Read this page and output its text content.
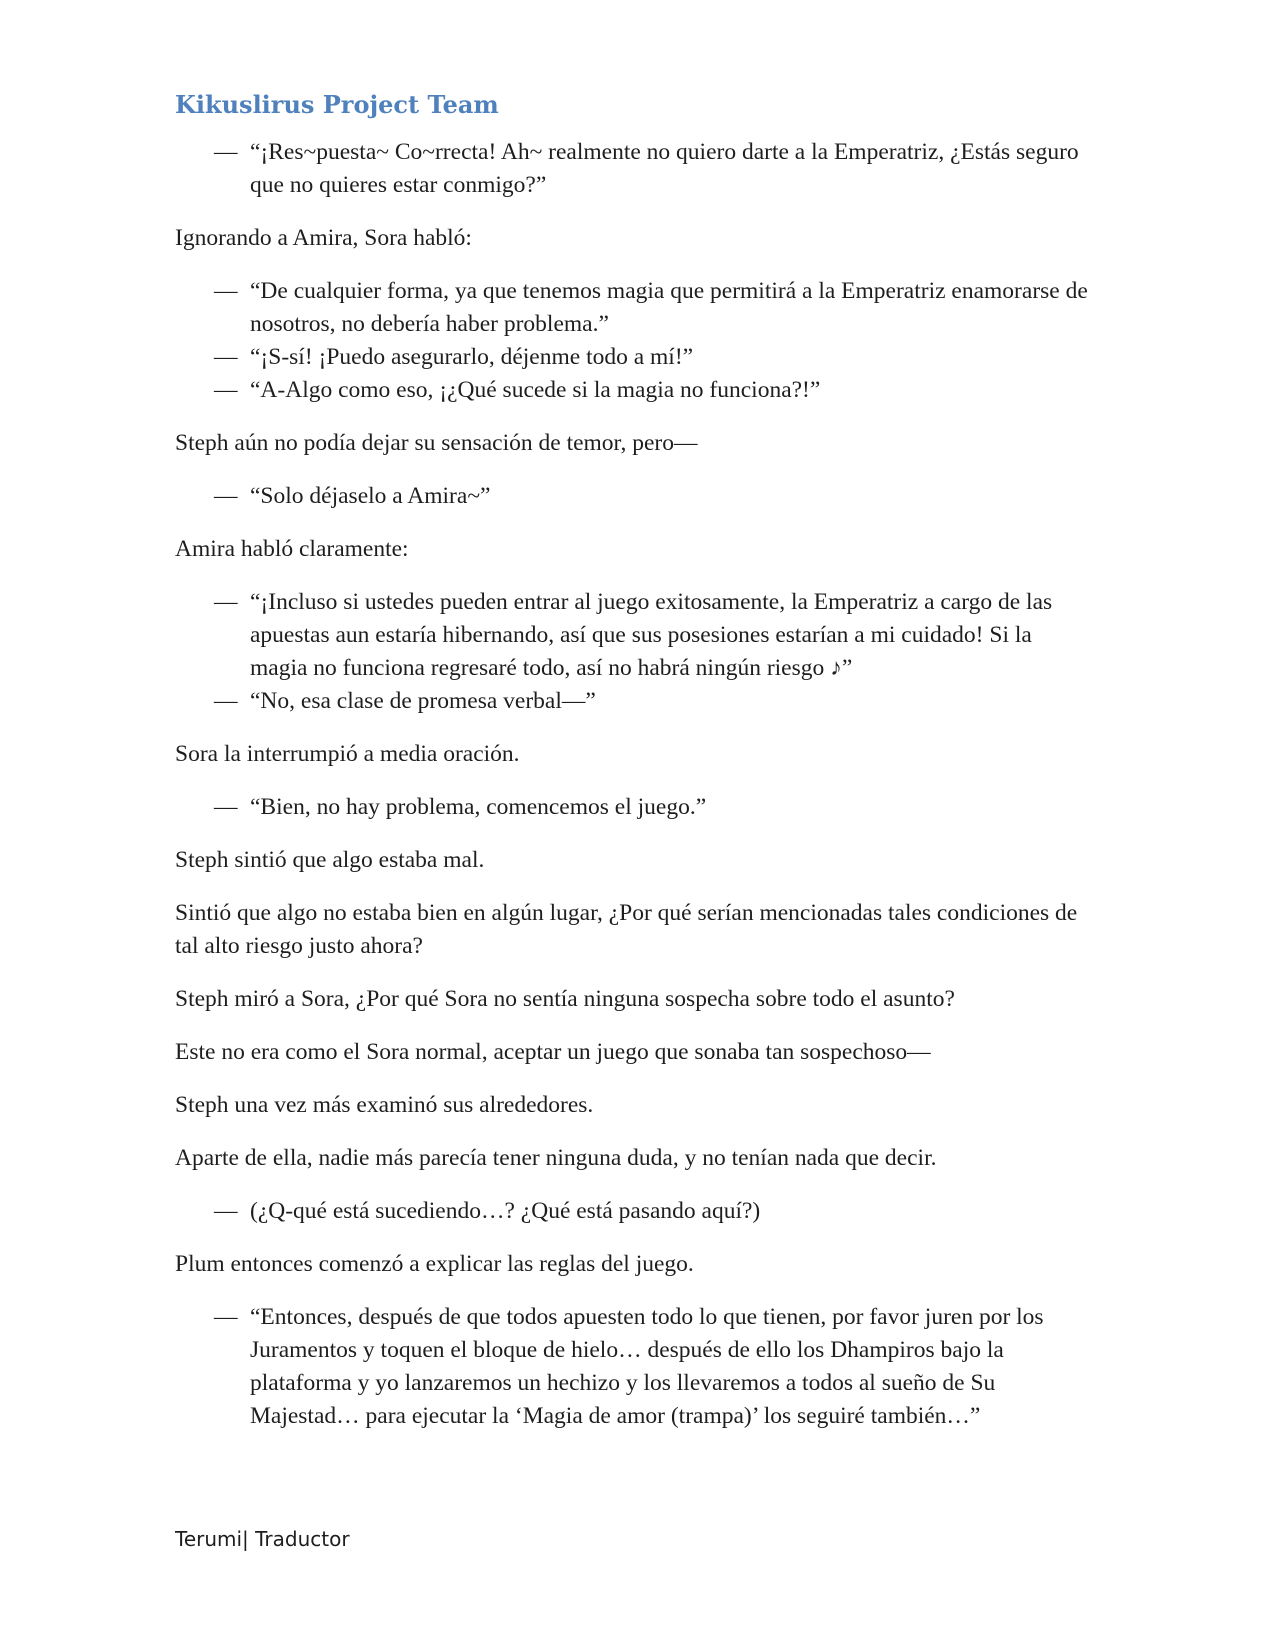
Kikuslirus Project Team
— “¡Res~puesta~ Co~rrecta! Ah~ realmente no quiero darte a la Emperatriz, ¿Estás seguro que no quieres estar conmigo?”

Ignorando a Amira, Sora habló:

— “De cualquier forma, ya que tenemos magia que permitirá a la Emperatriz enamorarse de nosotros, no debería haber problema.”
— “¡S-sí! ¡Puedo asegurarlo, déjenme todo a mí!”
— “A-Algo como eso, ¡¿Qué sucede si la magia no funciona?!”

Steph aún no podía dejar su sensación de temor, pero—

— “Solo déjaselo a Amira~”

Amira habló claramente:

— “¡Incluso si ustedes pueden entrar al juego exitosamente, la Emperatriz a cargo de las apuestas aun estaría hibernando, así que sus posesiones estarían a mi cuidado! Si la magia no funciona regresaré todo, así no habrá ningún riesgo ♪”
— “No, esa clase de promesa verbal—”

Sora la interrumpió a media oración.

— “Bien, no hay problema, comencemos el juego.”

Steph sintió que algo estaba mal.

Sintió que algo no estaba bien en algún lugar, ¿Por qué serían mencionadas tales condiciones de tal alto riesgo justo ahora?

Steph miró a Sora, ¿Por qué Sora no sentía ninguna sospecha sobre todo el asunto?

Este no era como el Sora normal, aceptar un juego que sonaba tan sospechoso—

Steph una vez más examinó sus alrededores.

Aparte de ella, nadie más parecía tener ninguna duda, y no tenían nada que decir.

— (¿Q-qué está sucediendo…? ¿Qué está pasando aquí?)

Plum entonces comenzó a explicar las reglas del juego.

— “Entonces, después de que todos apuesten todo lo que tienen, por favor juren por los Juramentos y toquen el bloque de hielo… después de ello los Dhampiros bajo la plataforma y yo lanzaremos un hechizo y los llevaremos a todos al sueño de Su Majestad… para ejecutar la ‘Magia de amor (trampa)’ los seguiré también…”
Terumi| Traductor
